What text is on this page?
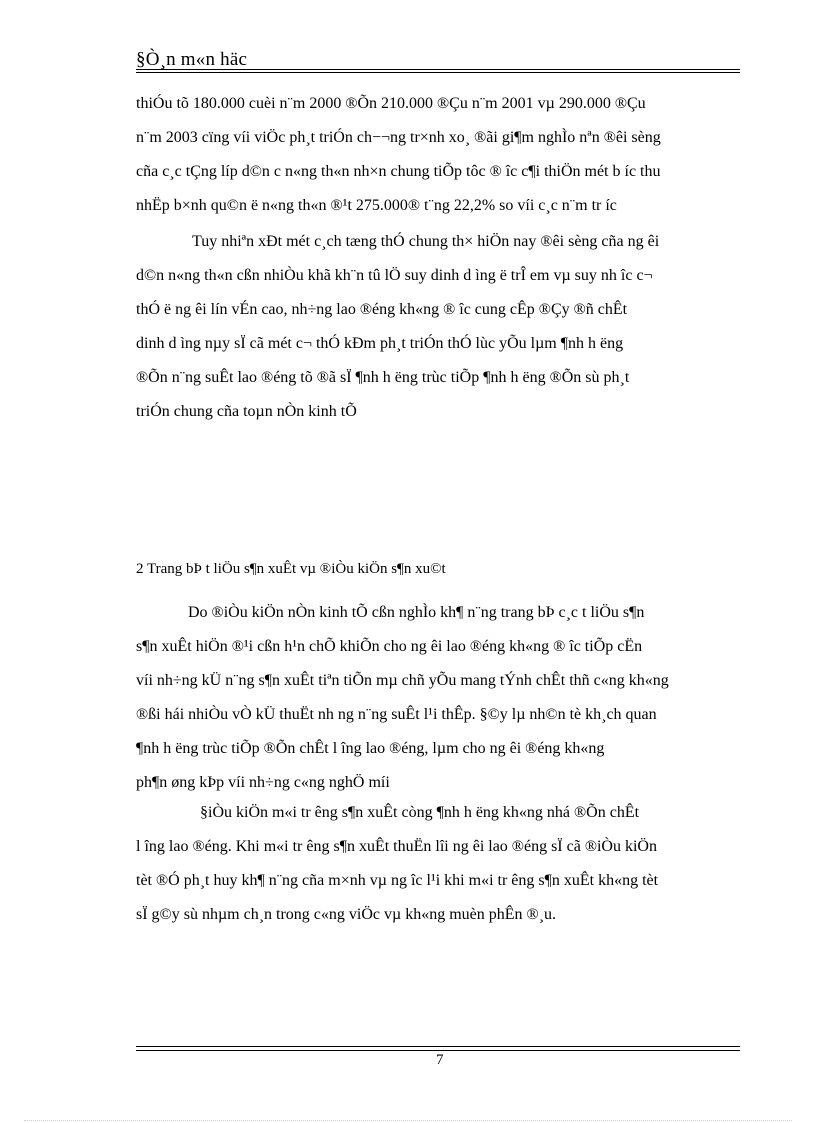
§Ò¸n m«n häc

thiÓu tõ 180.000 cuèi n¨m 2000 ®Õn 210.000 ®Çu n¨m 2001 vµ 290.000 ®Çu
n¨m 2003 cïng víi viÖc ph¸t triÓn ch−¬ng tr×nh xo¸ ®ãi gi¶m nghÌo nªn ®êi sèng
cña c¸c tÇng líp d©n c n«ng th«n nh×n chung tiÕp tôc ® îc c¶i thiÖn mét b íc thu
nhËp b×nh qu©n ë n«ng th«n ®¹t 275.000® t¨ng 22,2% so víi c¸c n¨m tr íc

Tuy nhiªn xÐt mét c¸ch tæng thÓ chung th× hiÖn nay ®êi sèng cña ng êi
d©n n«ng th«n cßn nhiÒu khã kh¨n tû lÖ suy dinh d ìng ë trÎ em vµ suy nh îc c¬
thÓ ë ng êi lín vÉn cao, nh÷ng lao ®éng kh«ng ® îc cung cÊp ®Çy ®ñ chÊt
dinh d ìng nµy sÏ cã mét c¬ thÓ kÐm ph¸t triÓn thÓ lùc yÕu lµm ¶nh h ëng
®Õn n¨ng suÊt lao ®éng tõ ®ã sÏ ¶nh h ëng trùc tiÕp ¶nh h ëng ®Õn sù ph¸t
triÓn chung cña toµn nÒn kinh tÕ

2 Trang bÞ t liÖu s¶n xuÊt vµ ®iÒu kiÖn s¶n xu©t

Do ®iÒu kiÖn nÒn kinh tÕ cßn nghÌo kh¶ n¨ng trang bÞ c¸c t liÖu s¶n
s¶n xuÊt hiÖn ®¹i cßn h¹n chÕ khiÕn cho ng êi lao ®éng kh«ng ® îc tiÕp cËn
víi nh÷ng kÜ n¨ng s¶n xuÊt tiªn tiÕn mµ chñ yÕu mang tÝnh chÊt thñ c«ng kh«ng
®ßi hái nhiÒu vÒ kÜ thuËt nh ng n¨ng suÊt l¹i thÊp. §©y lµ nh©n tè kh¸ch quan
¶nh h ëng trùc tiÕp ®Õn chÊt l îng lao ®éng, lµm cho ng êi ®éng kh«ng
ph¶n øng kÞp víi nh÷ng c«ng nghÖ míi

§iÒu kiÖn m«i tr êng s¶n xuÊt còng ¶nh h ëng kh«ng nhá ®Õn chÊt
l îng lao ®éng. Khi m«i tr êng s¶n xuÊt thuËn lîi ng êi lao ®éng sÏ cã ®iÒu kiÖn
tèt ®Ó ph¸t huy kh¶ n¨ng cña m×nh vµ ng îc l¹i khi m«i tr êng s¶n xuÊt kh«ng tèt
sÏ g©y sù nhµm ch¸n trong c«ng viÖc vµ kh«ng muèn phÊn ®¸u.

7
